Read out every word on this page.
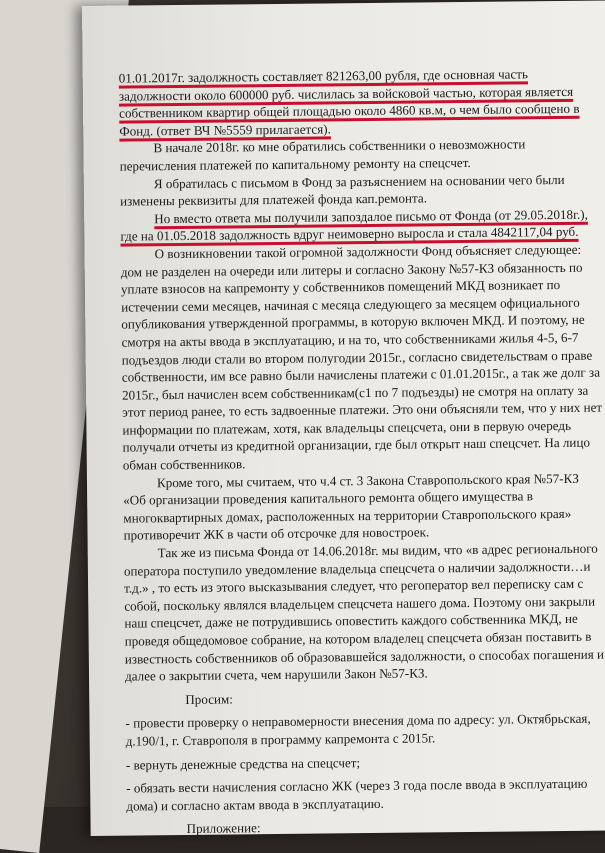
01.01.2017г. задолжность составляет 821263,00 рубля, где основная часть задолжности около 600000 руб. числилась за войсковой частью, которая является собственником квартир общей площадью около 4860 кв.м, о чем было сообщено в Фонд. (ответ ВЧ №5559 прилагается).

В начале 2018г. ко мне обратились собственники о невозможности перечисления платежей по капитальному ремонту на спецсчет.

Я обратилась с письмом в Фонд за разъяснением на основании чего были изменены реквизиты для платежей фонда кап.ремонта.

Но вместо ответа мы получили запоздалое письмо от Фонда (от 29.05.2018г.), где на 01.05.2018 задолжность вдруг неимоверно выросла и стала 4842117,04 руб.

О возникновении такой огромной задолжности Фонд объясняет следующее: дом не разделен на очереди или литеры и согласно Закону №57-КЗ обязанность по уплате взносов на капремонту у собственников помещений МКД возникает по истечении семи месяцев, начиная с месяца следующего за месяцем официального опубликования утвержденной программы, в которую включен МКД. И поэтому, не смотря на акты ввода в эксплуатацию, и на то, что собственниками жилья 4-5, 6-7 подъездов люди стали во втором полугодии 2015г., согласно свидетельствам о праве собственности, им все равно были начислены платежи с 01.01.2015г., а так же долг за 2015г., был начислен всем собственникам(с1 по 7 подъезды) не смотря на оплату за этот период ранее, то есть задвоенные платежи. Это они объясняли тем, что у них нет информации по платежам, хотя, как владельцы спецсчета, они в первую очередь получали отчеты из кредитной организации, где был открыт наш спецсчет. На лицо обман собственников.

Кроме того, мы считаем, что ч.4 ст. 3 Закона Ставропольского края №57-КЗ «Об организации проведения капитального ремонта общего имущества в многоквартирных домах, расположенных на территории Ставропольского края» противоречит ЖК в части об отсрочке для новостроек.

Так же из письма Фонда от 14.06.2018г. мы видим, что «в адрес регионального оператора поступило уведомление владельца спецсчета о наличии задолжности…и т.д.» , то есть из этого высказывания следует, что регоператор вел переписку сам с собой, поскольку являлся владельцем спецсчета нашего дома. Поэтому они закрыли наш спецсчет, даже не потрудившись оповестить каждого собственника МКД, не проведя общедомовое собрание, на котором владелец спецсчета обязан поставить в известность собственников об образовавшейся задолжности, о способах погашения и далее о закрытии счета, чем нарушили Закон №57-КЗ.

Просим:

- провести проверку о неправомерности внесения дома по адресу: ул. Октябрьская, д.190/1, г. Ставрополя в программу капремонта с 2015г.

- вернуть денежные средства на спецсчет;

- обязать вести начисления согласно ЖК (через 3 года после ввода в эксплуатацию дома) и согласно актам ввода в эксплуатацию.

Приложение:
